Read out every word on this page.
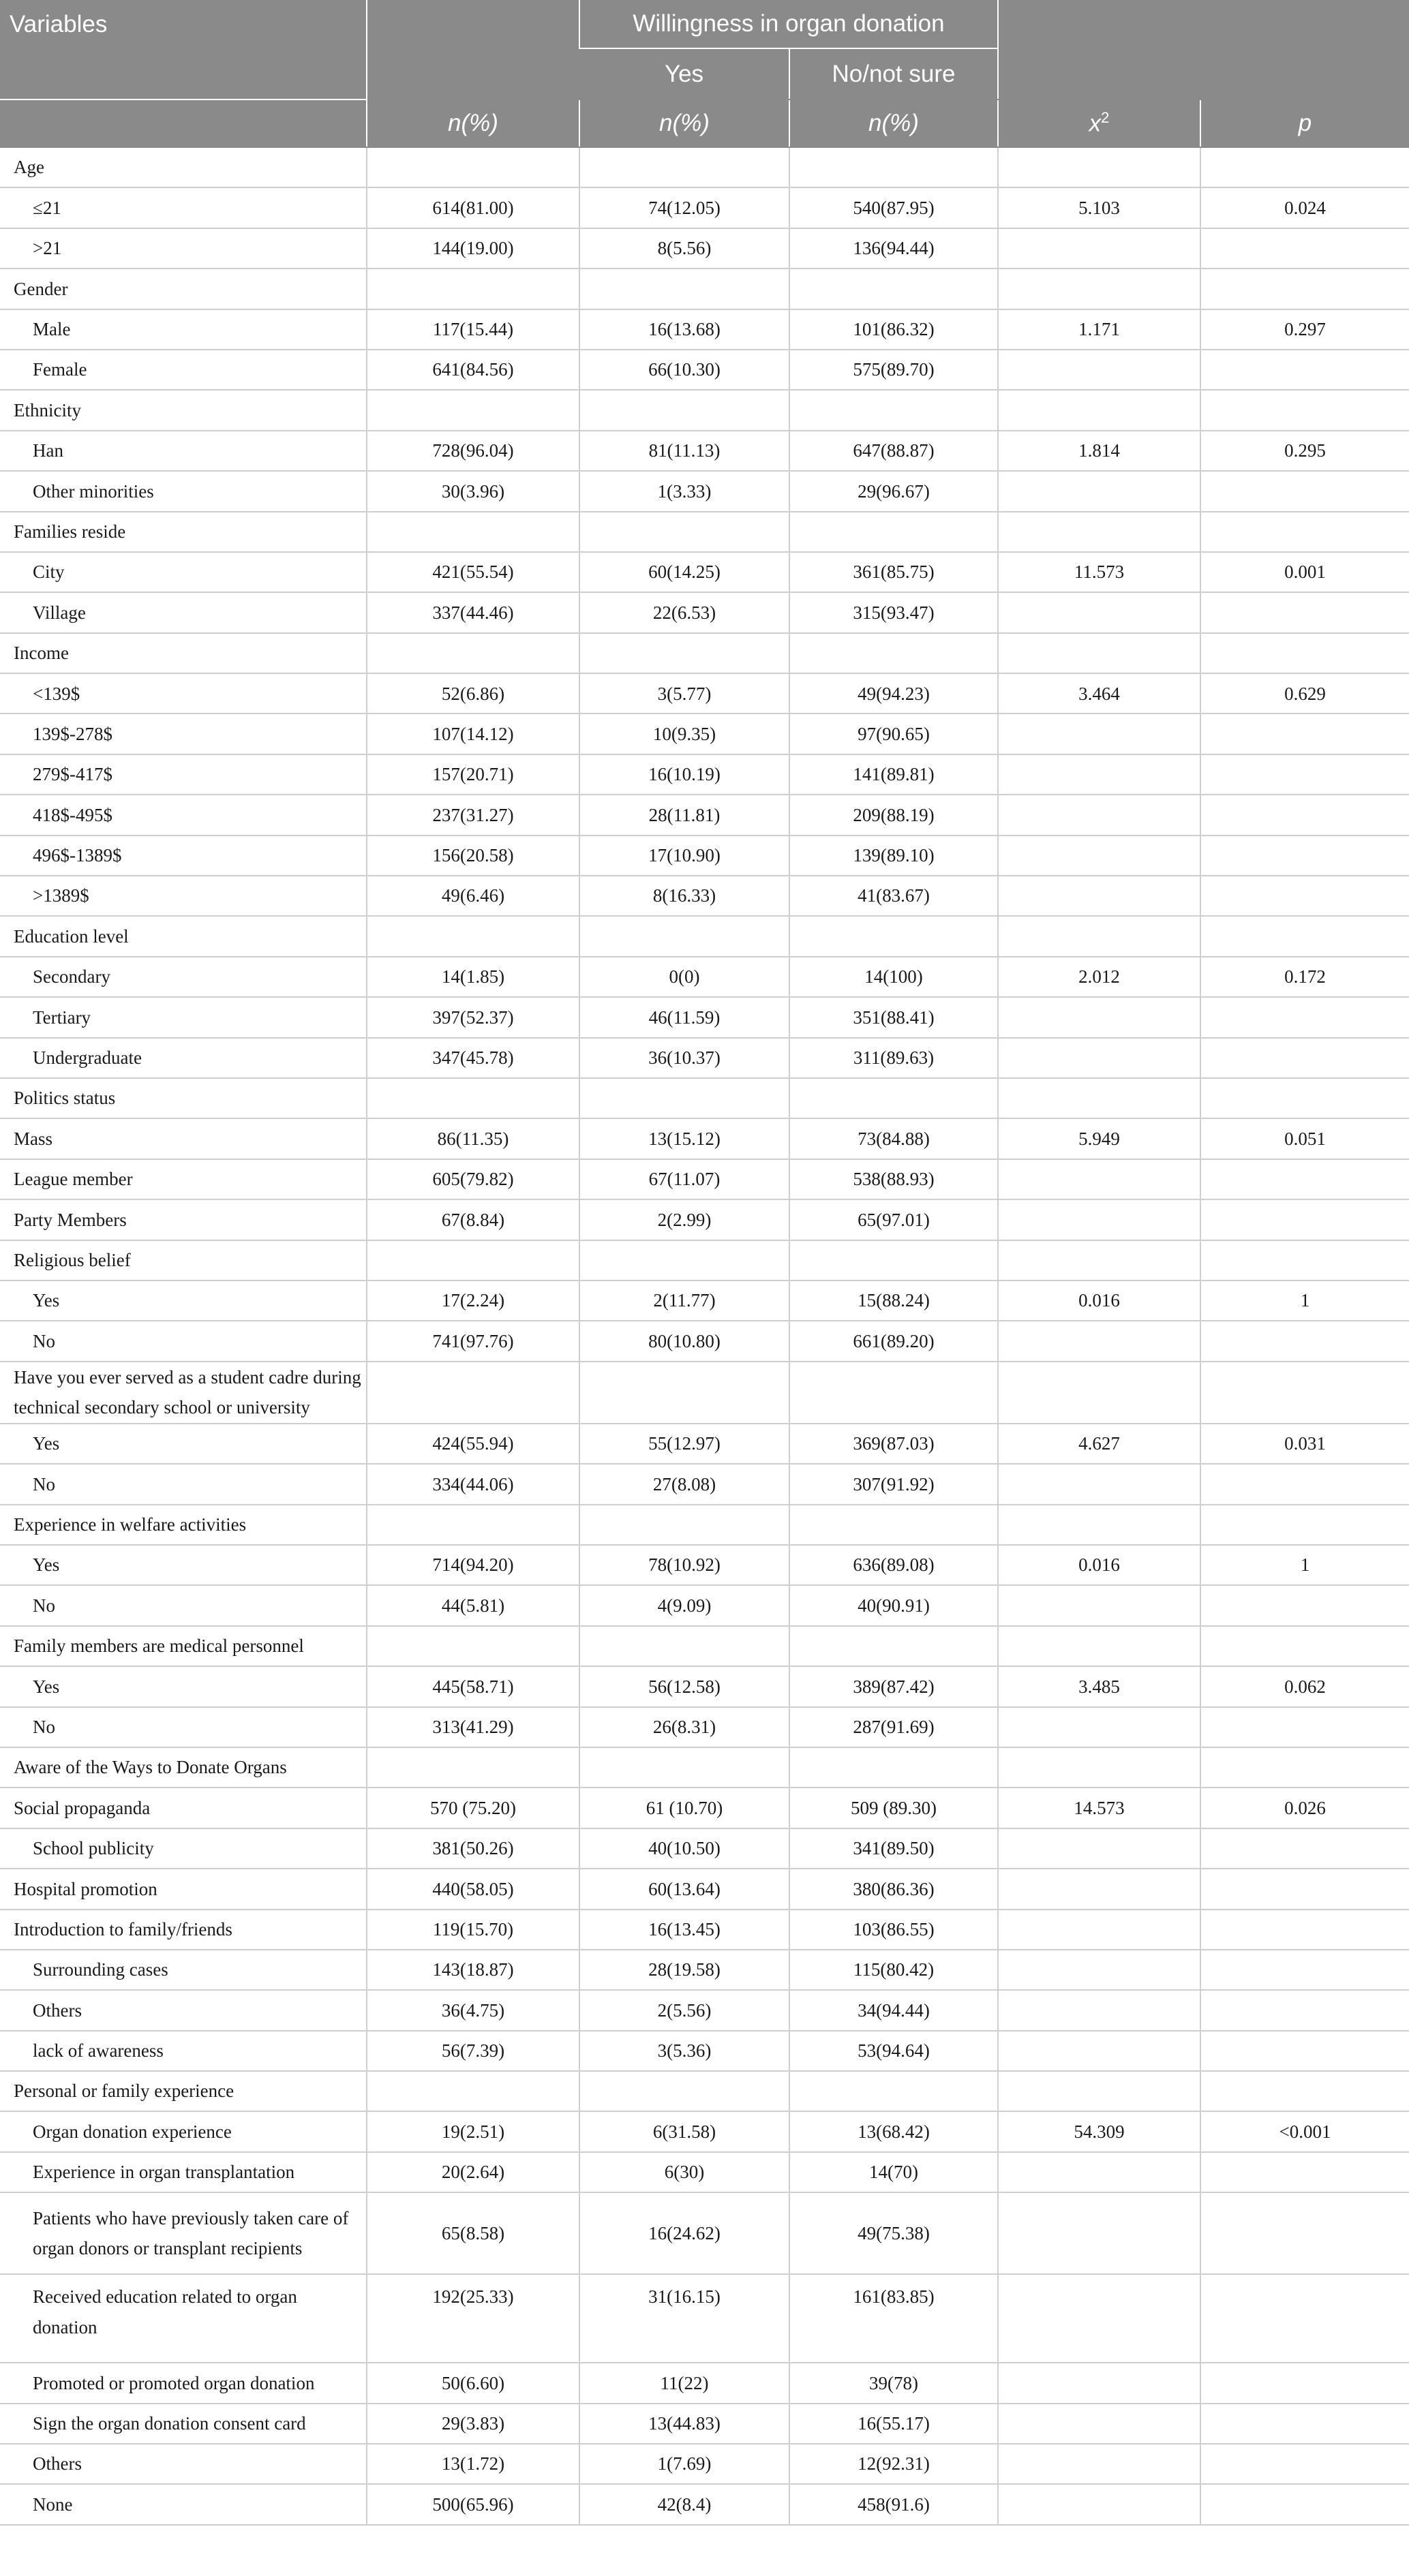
Variables		Willingness in organ donation			
		Yes	No/not sure		
	n(%)	n(%)	n(%)	$x^2$	p
Age					
≤21	614(81.00)	74(12.05)	540(87.95)	5.103	0.024
>21	144(19.00)	8(5.56)	136(94.44)		
Gender					
Male	117(15.44)	16(13.68)	101(86.32)	1.171	0.297
Female	641(84.56)	66(10.30)	575(89.70)		
Ethnicity					
Han	728(96.04)	81(11.13)	647(88.87)	1.814	0.295
Other minorities	30(3.96)	1(3.33)	29(96.67)		
Families reside					
City	421(55.54)	60(14.25)	361(85.75)	11.573	0.001
Village	337(44.46)	22(6.53)	315(93.47)		
Income					
<139$	52(6.86)	3(5.77)	49(94.23)	3.464	0.629
139$-278$	107(14.12)	10(9.35)	97(90.65)		
279$-417$	157(20.71)	16(10.19)	141(89.81)		
418$-495$	237(31.27)	28(11.81)	209(88.19)		
496$-1389$	156(20.58)	17(10.90)	139(89.10)		
>1389$	49(6.46)	8(16.33)	41(83.67)		
Education level					
Secondary	14(1.85)	0(0)	14(100)	2.012	0.172
Tertiary	397(52.37)	46(11.59)	351(88.41)		
Undergraduate	347(45.78)	36(10.37)	311(89.63)		
Politics status					
Mass	86(11.35)	13(15.12)	73(84.88)	5.949	0.051
League member	605(79.82)	67(11.07)	538(88.93)		
Party Members	67(8.84)	2(2.99)	65(97.01)		
Religious belief					
Yes	17(2.24)	2(11.77)	15(88.24)	0.016	1
No	741(97.76)	80(10.80)	661(89.20)		
Have you ever served as a student cadre during technical secondary school or university					
Yes	424(55.94)	55(12.97)	369(87.03)	4.627	0.031
No	334(44.06)	27(8.08)	307(91.92)		
Experience in welfare activities					
Yes	714(94.20)	78(10.92)	636(89.08)	0.016	1
No	44(5.81)	4(9.09)	40(90.91)		
Family members are medical personnel					
Yes	445(58.71)	56(12.58)	389(87.42)	3.485	0.062
No	313(41.29)	26(8.31)	287(91.69)		
Aware of the Ways to Donate Organs					
Social propaganda	570 (75.20)	61 (10.70)	509 (89.30)	14.573	0.026
School publicity	381(50.26)	40(10.50)	341(89.50)		
Hospital promotion	440(58.05)	60(13.64)	380(86.36)		
Introduction to family/friends	119(15.70)	16(13.45)	103(86.55)		
Surrounding cases	143(18.87)	28(19.58)	115(80.42)		
Others	36(4.75)	2(5.56)	34(94.44)		
lack of awareness	56(7.39)	3(5.36)	53(94.64)		
Personal or family experience					
Organ donation experience	19(2.51)	6(31.58)	13(68.42)	54.309	<0.001
Experience in organ transplantation	20(2.64)	6(30)	14(70)		
Patients who have previously taken care of organ donors or transplant recipients	65(8.58)	16(24.62)	49(75.38)		
Received education related to organ donation	192(25.33)	31(16.15)	161(83.85)		
Promoted or promoted organ donation	50(6.60)	11(22)	39(78)		
Sign the organ donation consent card	29(3.83)	13(44.83)	16(55.17)		
Others	13(1.72)	1(7.69)	12(92.31)		
None	500(65.96)	42(8.4)	458(91.6)		
